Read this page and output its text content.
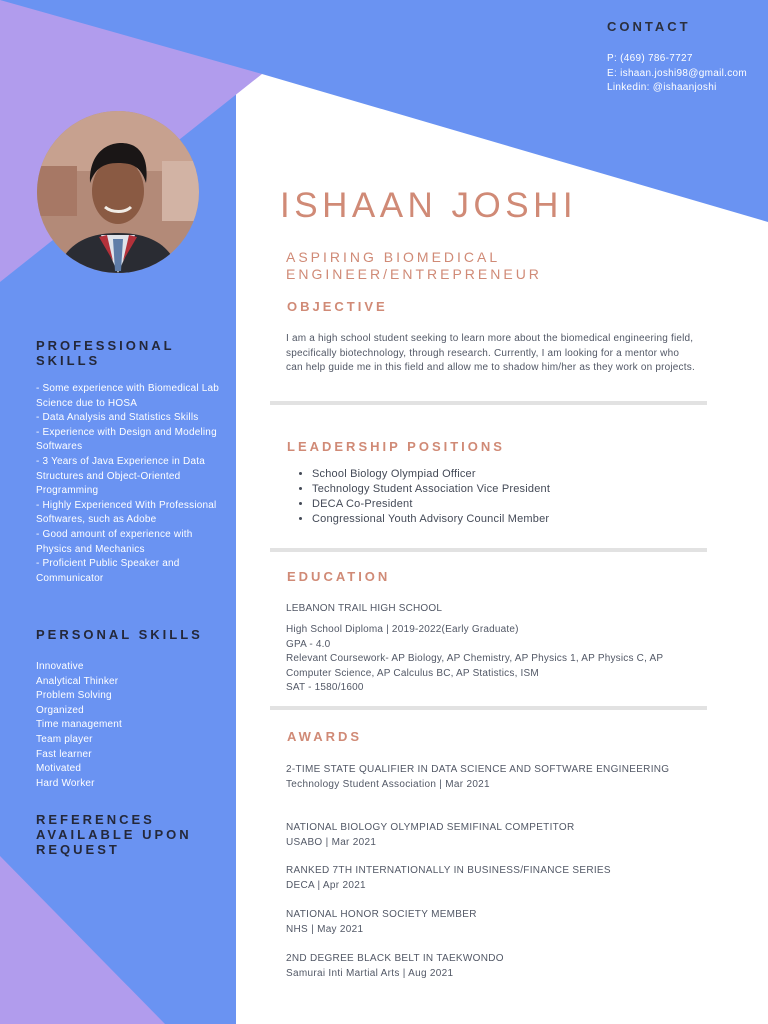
CONTACT
P: (469) 786-7727
E: ishaan.joshi98@gmail.com
Linkedin: @ishaanjoshi
ISHAAN JOSHI
ASPIRING BIOMEDICAL
ENGINEER/ENTREPRENEUR
OBJECTIVE
I am a high school student seeking to learn more about the biomedical engineering field, specifically biotechnology, through research. Currently, I am looking for a mentor who can help guide me in this field and allow me to shadow him/her as they work on projects.
LEADERSHIP POSITIONS
• School Biology Olympiad Officer
• Technology Student Association Vice President
• DECA Co-President
• Congressional Youth Advisory Council Member
EDUCATION
LEBANON TRAIL HIGH SCHOOL
High School Diploma | 2019-2022(Early Graduate)
GPA - 4.0
Relevant Coursework- AP Biology, AP Chemistry, AP Physics 1, AP Physics C, AP Computer Science, AP Calculus BC, AP Statistics, ISM
SAT - 1580/1600
AWARDS
2-TIME STATE QUALIFIER IN DATA SCIENCE AND SOFTWARE ENGINEERING
Technology Student Association | Mar 2021
NATIONAL BIOLOGY OLYMPIAD SEMIFINAL COMPETITOR
USABO | Mar 2021
RANKED 7TH INTERNATIONALLY IN BUSINESS/FINANCE SERIES
DECA | Apr 2021
NATIONAL HONOR SOCIETY MEMBER
NHS | May 2021
2ND DEGREE BLACK BELT IN TAEKWONDO
Samurai Inti Martial Arts | Aug 2021
PROFESSIONAL SKILLS
- Some experience with Biomedical Lab Science due to HOSA
- Data Analysis and Statistics Skills
- Experience with Design and Modeling Softwares
- 3 Years of Java Experience in Data Structures and Object-Oriented Programming
- Highly Experienced With Professional Softwares, such as Adobe
- Good amount of experience with Physics and Mechanics
- Proficient Public Speaker and Communicator
PERSONAL SKILLS
Innovative
Analytical Thinker
Problem Solving
Organized
Time management
Team player
Fast learner
Motivated
Hard Worker
REFERENCES AVAILABLE UPON REQUEST
